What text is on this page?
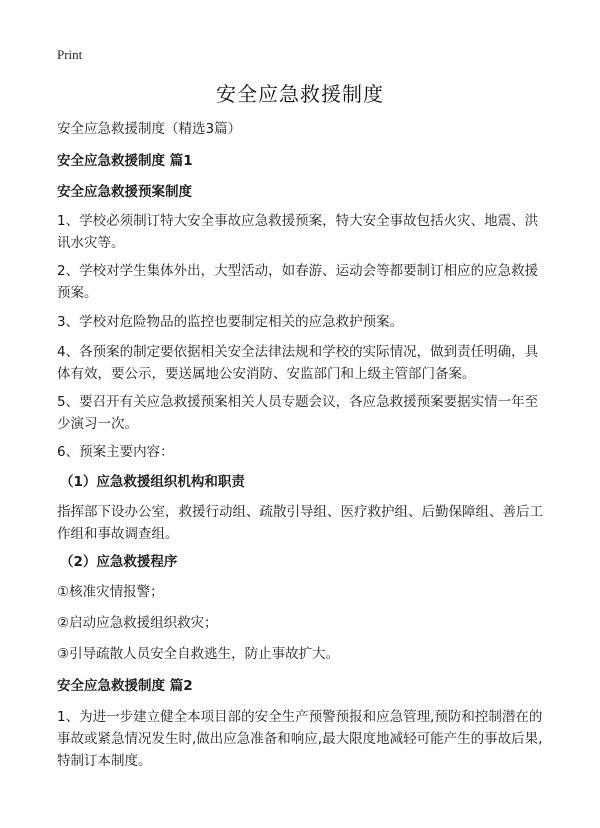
Print
安全应急救援制度
安全应急救援制度（精选3篇）
安全应急救援制度 篇1
安全应急救援预案制度
1、学校必须制订特大安全事故应急救援预案，特大安全事故包括火灾、地震、洪讯水灾等。
2、学校对学生集体外出，大型活动，如春游、运动会等都要制订相应的应急救援预案。
3、学校对危险物品的监控也要制定相关的应急救护预案。
4、各预案的制定要依据相关安全法律法规和学校的实际情况，做到责任明确，具体有效，要公示，要送属地公安消防、安监部门和上级主管部门备案。
5、要召开有关应急救援预案相关人员专题会议，各应急救援预案要据实情一年至少演习一次。
6、预案主要内容：
（1）应急救援组织机构和职责
指挥部下设办公室，救援行动组、疏散引导组、医疗救护组、后勤保障组、善后工作组和事故调查组。
（2）应急救援程序
①核准灾情报警；
②启动应急救援组织救灾；
③引导疏散人员安全自救逃生，防止事故扩大。
安全应急救援制度 篇2
1、为进一步建立健全本项目部的安全生产预警预报和应急管理,预防和控制潜在的事故或紧急情况发生时,做出应急准备和响应,最大限度地减轻可能产生的事故后果,特制订本制度。
